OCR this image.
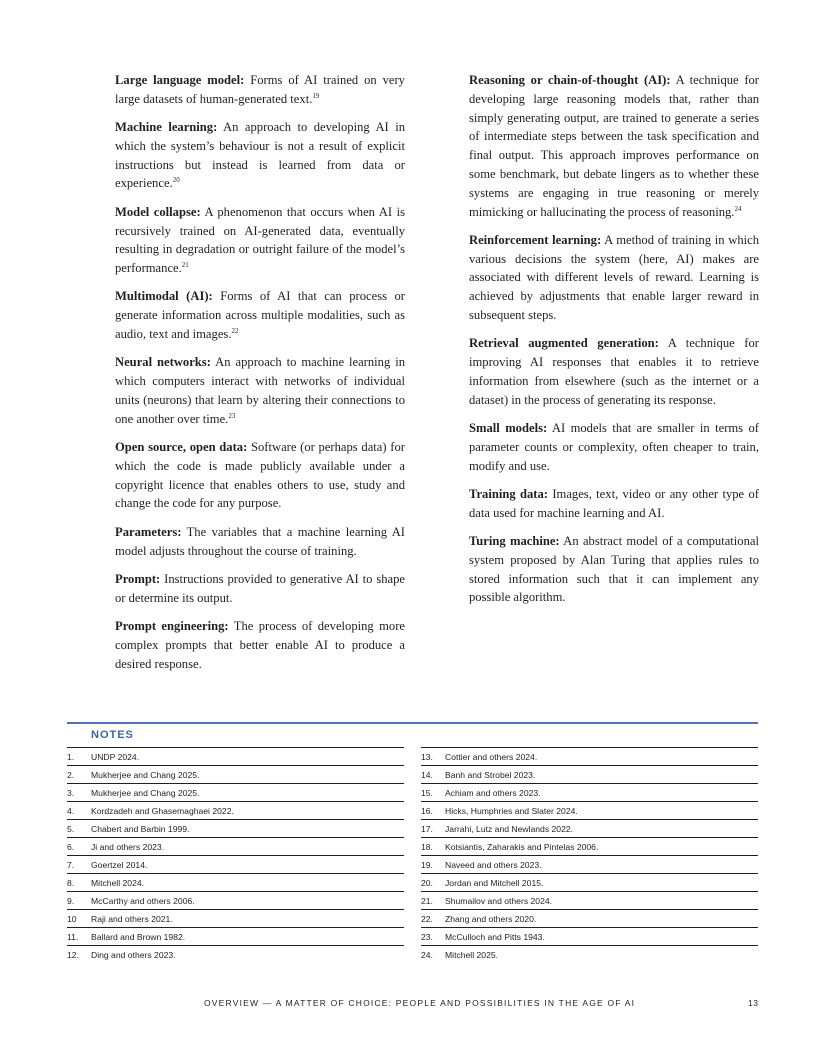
Large language model: Forms of AI trained on very large datasets of human-generated text.$^{19}$

Machine learning: An approach to developing AI in which the system’s behaviour is not a result of explicit instructions but instead is learned from data or experience.$^{20}$

Model collapse: A phenomenon that occurs when AI is recursively trained on AI-generated data, eventually resulting in degradation or outright failure of the model’s performance.$^{21}$

Multimodal (AI): Forms of AI that can process or generate information across multiple modalities, such as audio, text and images.$^{22}$

Neural networks: An approach to machine learning in which computers interact with networks of individual units (neurons) that learn by altering their connections to one another over time.$^{23}$

Open source, open data: Software (or perhaps data) for which the code is made publicly available under a copyright licence that enables others to use, study and change the code for any purpose.

Parameters: The variables that a machine learning AI model adjusts throughout the course of training.

Prompt: Instructions provided to generative AI to shape or determine its output.

Prompt engineering: The process of developing more complex prompts that better enable AI to produce a desired response.

Reasoning or chain-of-thought (AI): A technique for developing large reasoning models that, rather than simply generating output, are trained to generate a series of intermediate steps between the task specification and final output. This approach improves performance on some benchmark, but debate lingers as to whether these systems are engaging in true reasoning or merely mimicking or hallucinating the process of reasoning.$^{24}$

Reinforcement learning: A method of training in which various decisions the system (here, AI) makes are associated with different levels of reward. Learning is achieved by adjustments that enable larger reward in subsequent steps.

Retrieval augmented generation: A technique for improving AI responses that enables it to retrieve information from elsewhere (such as the internet or a dataset) in the process of generating its response.

Small models: AI models that are smaller in terms of parameter counts or complexity, often cheaper to train, modify and use.

Training data: Images, text, video or any other type of data used for machine learning and AI.

Turing machine: An abstract model of a computational system proposed by Alan Turing that applies rules to stored information such that it can implement any possible algorithm.

NOTES
1. UNDP 2024.
2. Mukherjee and Chang 2025.
3. Mukherjee and Chang 2025.
4. Kordzadeh and Ghasemaghaei 2022.
5. Chabert and Barbin 1999.
6. Ji and others 2023.
7. Goertzel 2014.
8. Mitchell 2024.
9. McCarthy and others 2006.
10 Raji and others 2021.
11. Ballard and Brown 1982.
12. Ding and others 2023.
13. Cottier and others 2024.
14. Banh and Strobel 2023.
15. Achiam and others 2023.
16. Hicks, Humphries and Slater 2024.
17. Jarrahi, Lutz and Newlands 2022.
18. Kotsiantis, Zaharakis and Pintelas 2006.
19. Naveed and others 2023.
20. Jordan and Mitchell 2015.
21. Shumailov and others 2024.
22. Zhang and others 2020.
23. McCulloch and Pitts 1943.
24. Mitchell 2025.
OVERVIEW — A MATTER OF CHOICE: PEOPLE AND POSSIBILITIES IN THE AGE OF AI	13
